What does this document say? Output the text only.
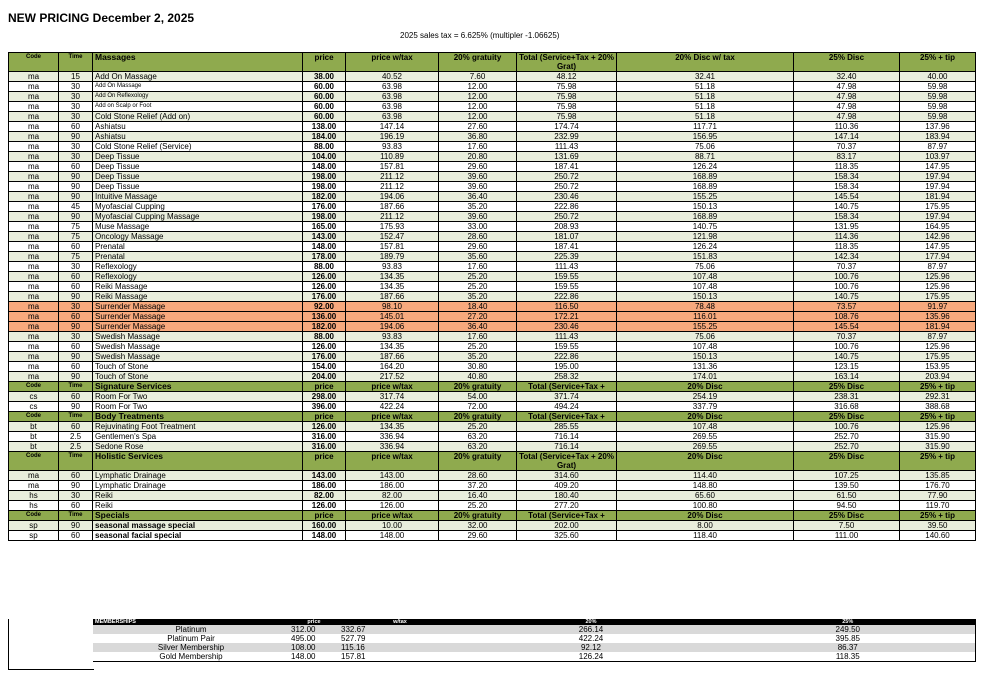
NEW PRICING December 2, 2025
2025 sales tax = 6.625% (multipler -1.06625)
Code	Time	Massages	price	price w/tax	20% gratuity	Total (Service+Tax + 20% Grat)	20% Disc w/ tax	25% Disc	25% + tip
ma	15	Add On Massage	38.00	40.52	7.60	48.12	32.41	32.40	40.00
ma	30	Add On Massage	60.00	63.98	12.00	75.98	51.18	47.98	59.98
ma	30	Add On Reflexology	60.00	63.98	12.00	75.98	51.18	47.98	59.98
ma	30	Add on Scalp or Foot	60.00	63.98	12.00	75.98	51.18	47.98	59.98
ma	30	Cold Stone Relief (Add on)	60.00	63.98	12.00	75.98	51.18	47.98	59.98
ma	60	Ashiatsu	138.00	147.14	27.60	174.74	117.71	110.36	137.96
ma	90	Ashiatsu	184.00	196.19	36.80	232.99	156.95	147.14	183.94
ma	30	Cold Stone Relief (Service)	88.00	93.83	17.60	111.43	75.06	70.37	87.97
ma	30	Deep Tissue	104.00	110.89	20.80	131.69	88.71	83.17	103.97
ma	60	Deep Tissue	148.00	157.81	29.60	187.41	126.24	118.35	147.95
ma	90	Deep Tissue	198.00	211.12	39.60	250.72	168.89	158.34	197.94
ma	90	Deep Tissue	198.00	211.12	39.60	250.72	168.89	158.34	197.94
ma	90	Intuitive Massage	182.00	194.06	36.40	230.46	155.25	145.54	181.94
ma	45	Myofascial Cupping	176.00	187.66	35.20	222.86	150.13	140.75	175.95
ma	90	Myofascial Cupping Massage	198.00	211.12	39.60	250.72	168.89	158.34	197.94
ma	75	Muse Massage	165.00	175.93	33.00	208.93	140.75	131.95	164.95
ma	75	Oncology Massage	143.00	152.47	28.60	181.07	121.98	114.36	142.96
ma	60	Prenatal	148.00	157.81	29.60	187.41	126.24	118.35	147.95
ma	75	Prenatal	178.00	189.79	35.60	225.39	151.83	142.34	177.94
ma	30	Reflexology	88.00	93.83	17.60	111.43	75.06	70.37	87.97
ma	60	Reflexology	126.00	134.35	25.20	159.55	107.48	100.76	125.96
ma	60	Reiki Massage	126.00	134.35	25.20	159.55	107.48	100.76	125.96
ma	90	Reiki Massage	176.00	187.66	35.20	222.86	150.13	140.75	175.95
ma	30	Surrender Massage	92.00	98.10	18.40	116.50	78.48	73.57	91.97
ma	60	Surrender Massage	136.00	145.01	27.20	172.21	116.01	108.76	135.96
ma	90	Surrender Massage	182.00	194.06	36.40	230.46	155.25	145.54	181.94
ma	30	Swedish Massage	88.00	93.83	17.60	111.43	75.06	70.37	87.97
ma	60	Swedish Massage	126.00	134.35	25.20	159.55	107.48	100.76	125.96
ma	90	Swedish Massage	176.00	187.66	35.20	222.86	150.13	140.75	175.95
ma	60	Touch of Stone	154.00	164.20	30.80	195.00	131.36	123.15	153.95
ma	90	Touch of Stone	204.00	217.52	40.80	258.32	174.01	163.14	203.94
Code	Time	Signature Services	price	price w/tax	20% gratuity	Total (Service+Tax +	20% Disc	25% Disc	25% + tip
cs	60	Room For Two	298.00	317.74	54.00	371.74	254.19	238.31	292.31
cs	90	Room For Two	396.00	422.24	72.00	494.24	337.79	316.68	388.68
Code	Time	Body Treatments	price	price w/tax	20% gratuity	Total (Service+Tax +	20% Disc	25% Disc	25% + tip
bt	60	Rejuvinating Foot Treatment	126.00	134.35	25.20	285.55	107.48	100.76	125.96
bt	2.5	Gentlemen's Spa	316.00	336.94	63.20	716.14	269.55	252.70	315.90
bt	2.5	Sedone Rose	316.00	336.94	63.20	716.14	269.55	252.70	315.90
Code	Time	Holistic Services	price	price w/tax	20% gratuity	Total (Service+Tax + 20% Grat)	20% Disc	25% Disc	25% + tip
ma	60	Lymphatic Drainage	143.00	143.00	28.60	314.60	114.40	107.25	135.85
ma	90	Lymphatic Drainage	186.00	186.00	37.20	409.20	148.80	139.50	176.70
hs	30	Reiki	82.00	82.00	16.40	180.40	65.60	61.50	77.90
hs	60	Reiki	126.00	126.00	25.20	277.20	100.80	94.50	119.70
Code	Time	Specials	price	price w/tax	20% gratuity	Total (Service+Tax +	20% Disc	25% Disc	25% + tip
sp	90	seasonal massage special	160.00	10.00	32.00	202.00	8.00	7.50	39.50
sp	60	seasonal facial special	148.00	148.00	29.60	325.60	118.40	111.00	140.60
MEMBERSHIPS	price	w/tax	20%	25%
Platinum	312.00	332.67	266.14	249.50
Platinum Pair	495.00	527.79	422.24	395.85
Silver Membership	108.00	115.16	92.12	86.37
Gold Membership	148.00	157.81	126.24	118.35
